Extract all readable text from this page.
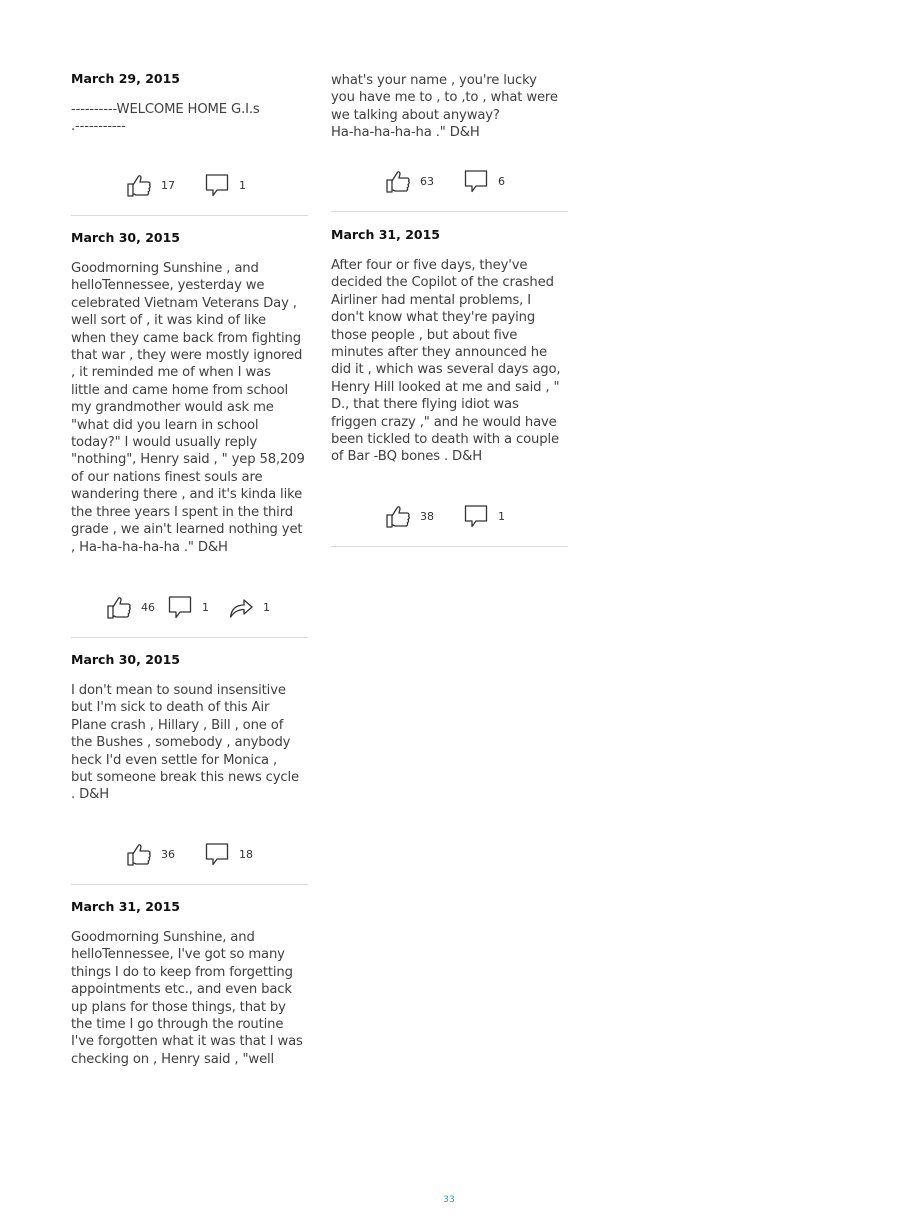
March 29, 2015
----------WELCOME HOME G.I.s
.-----------
17	1
March 30, 2015
Goodmorning Sunshine , and
helloTennessee, yesterday we
celebrated Vietnam Veterans Day ,
well sort of , it was kind of like
when they came back from fighting
that war , they were mostly ignored
, it reminded me of when I was
little and came home from school
my grandmother would ask me
"what did you learn in school
today?" I would usually reply
"nothing", Henry said , " yep 58,209
of our nations finest souls are
wandering there , and it's kinda like
the three years I spent in the third
grade , we ain't learned nothing yet
, Ha-ha-ha-ha-ha ." D&H
46	1	1
March 30, 2015
I don't mean to sound insensitive
but I'm sick to death of this Air
Plane crash , Hillary , Bill , one of
the Bushes , somebody , anybody
heck I'd even settle for Monica ,
but someone break this news cycle
. D&H
36	18
March 31, 2015
Goodmorning Sunshine, and
helloTennessee, I've got so many
things I do to keep from forgetting
appointments etc., and even back
up plans for those things, that by
the time I go through the routine
I've forgotten what it was that I was
checking on , Henry said , "well
what's your name , you're lucky
you have me to , to ,to , what were
we talking about anyway?
Ha-ha-ha-ha-ha ." D&H
63	6
March 31, 2015
After four or five days, they've
decided the Copilot of the crashed
Airliner had mental problems, I
don't know what they're paying
those people , but about five
minutes after they announced he
did it , which was several days ago,
Henry Hill looked at me and said , "
D., that there flying idiot was
friggen crazy ," and he would have
been tickled to death with a couple
of Bar -BQ bones . D&H
38	1
33
